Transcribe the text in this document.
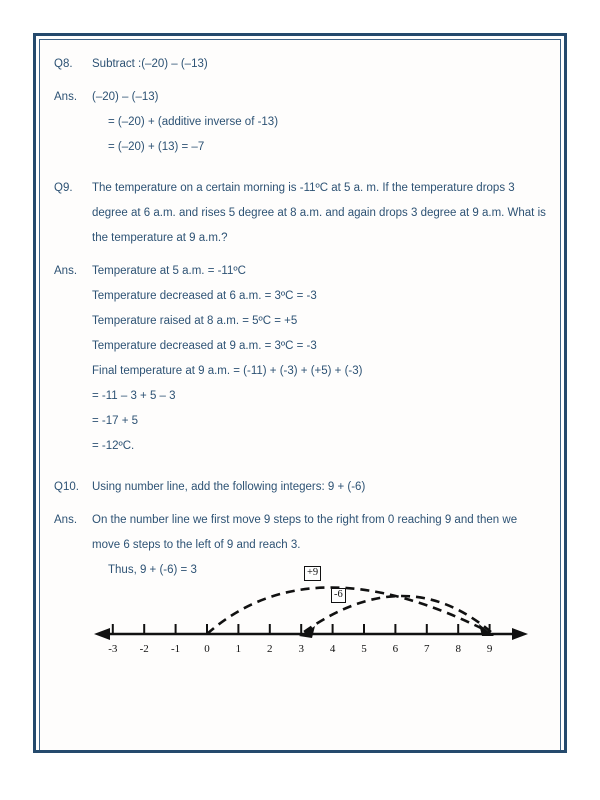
Q8.	Subtract :(–20) – (–13)
Ans.	(–20) – (–13)
= (–20) + (additive inverse of -13)
= (–20) + (13) = –7
Q9.	The temperature on a certain morning is -11ºC at 5 a. m. If the temperature drops 3 degree at 6 a.m. and rises 5 degree at 8 a.m. and again drops 3 degree at 9 a.m. What is the temperature at 9 a.m.?
Ans.	Temperature at 5 a.m. = -11ºC
Temperature decreased at 6 a.m. = 3ºC = -3
Temperature raised at 8 a.m. = 5ºC = +5
Temperature decreased at 9 a.m. = 3ºC = -3
Final temperature at 9 a.m. = (-11) + (-3) + (+5) + (-3)
= -11 – 3 + 5 – 3
= -17 + 5
= -12ºC.
Q10.	Using number line, add the following integers: 9 + (-6)
Ans.	On the number line we first move 9 steps to the right from 0 reaching 9 and then we move 6 steps to the left of 9 and reach 3.
Thus, 9 + (-6) = 3
-3 -2 -1 0 1 2 3 4 5 6 7 8 9
+9
-6
